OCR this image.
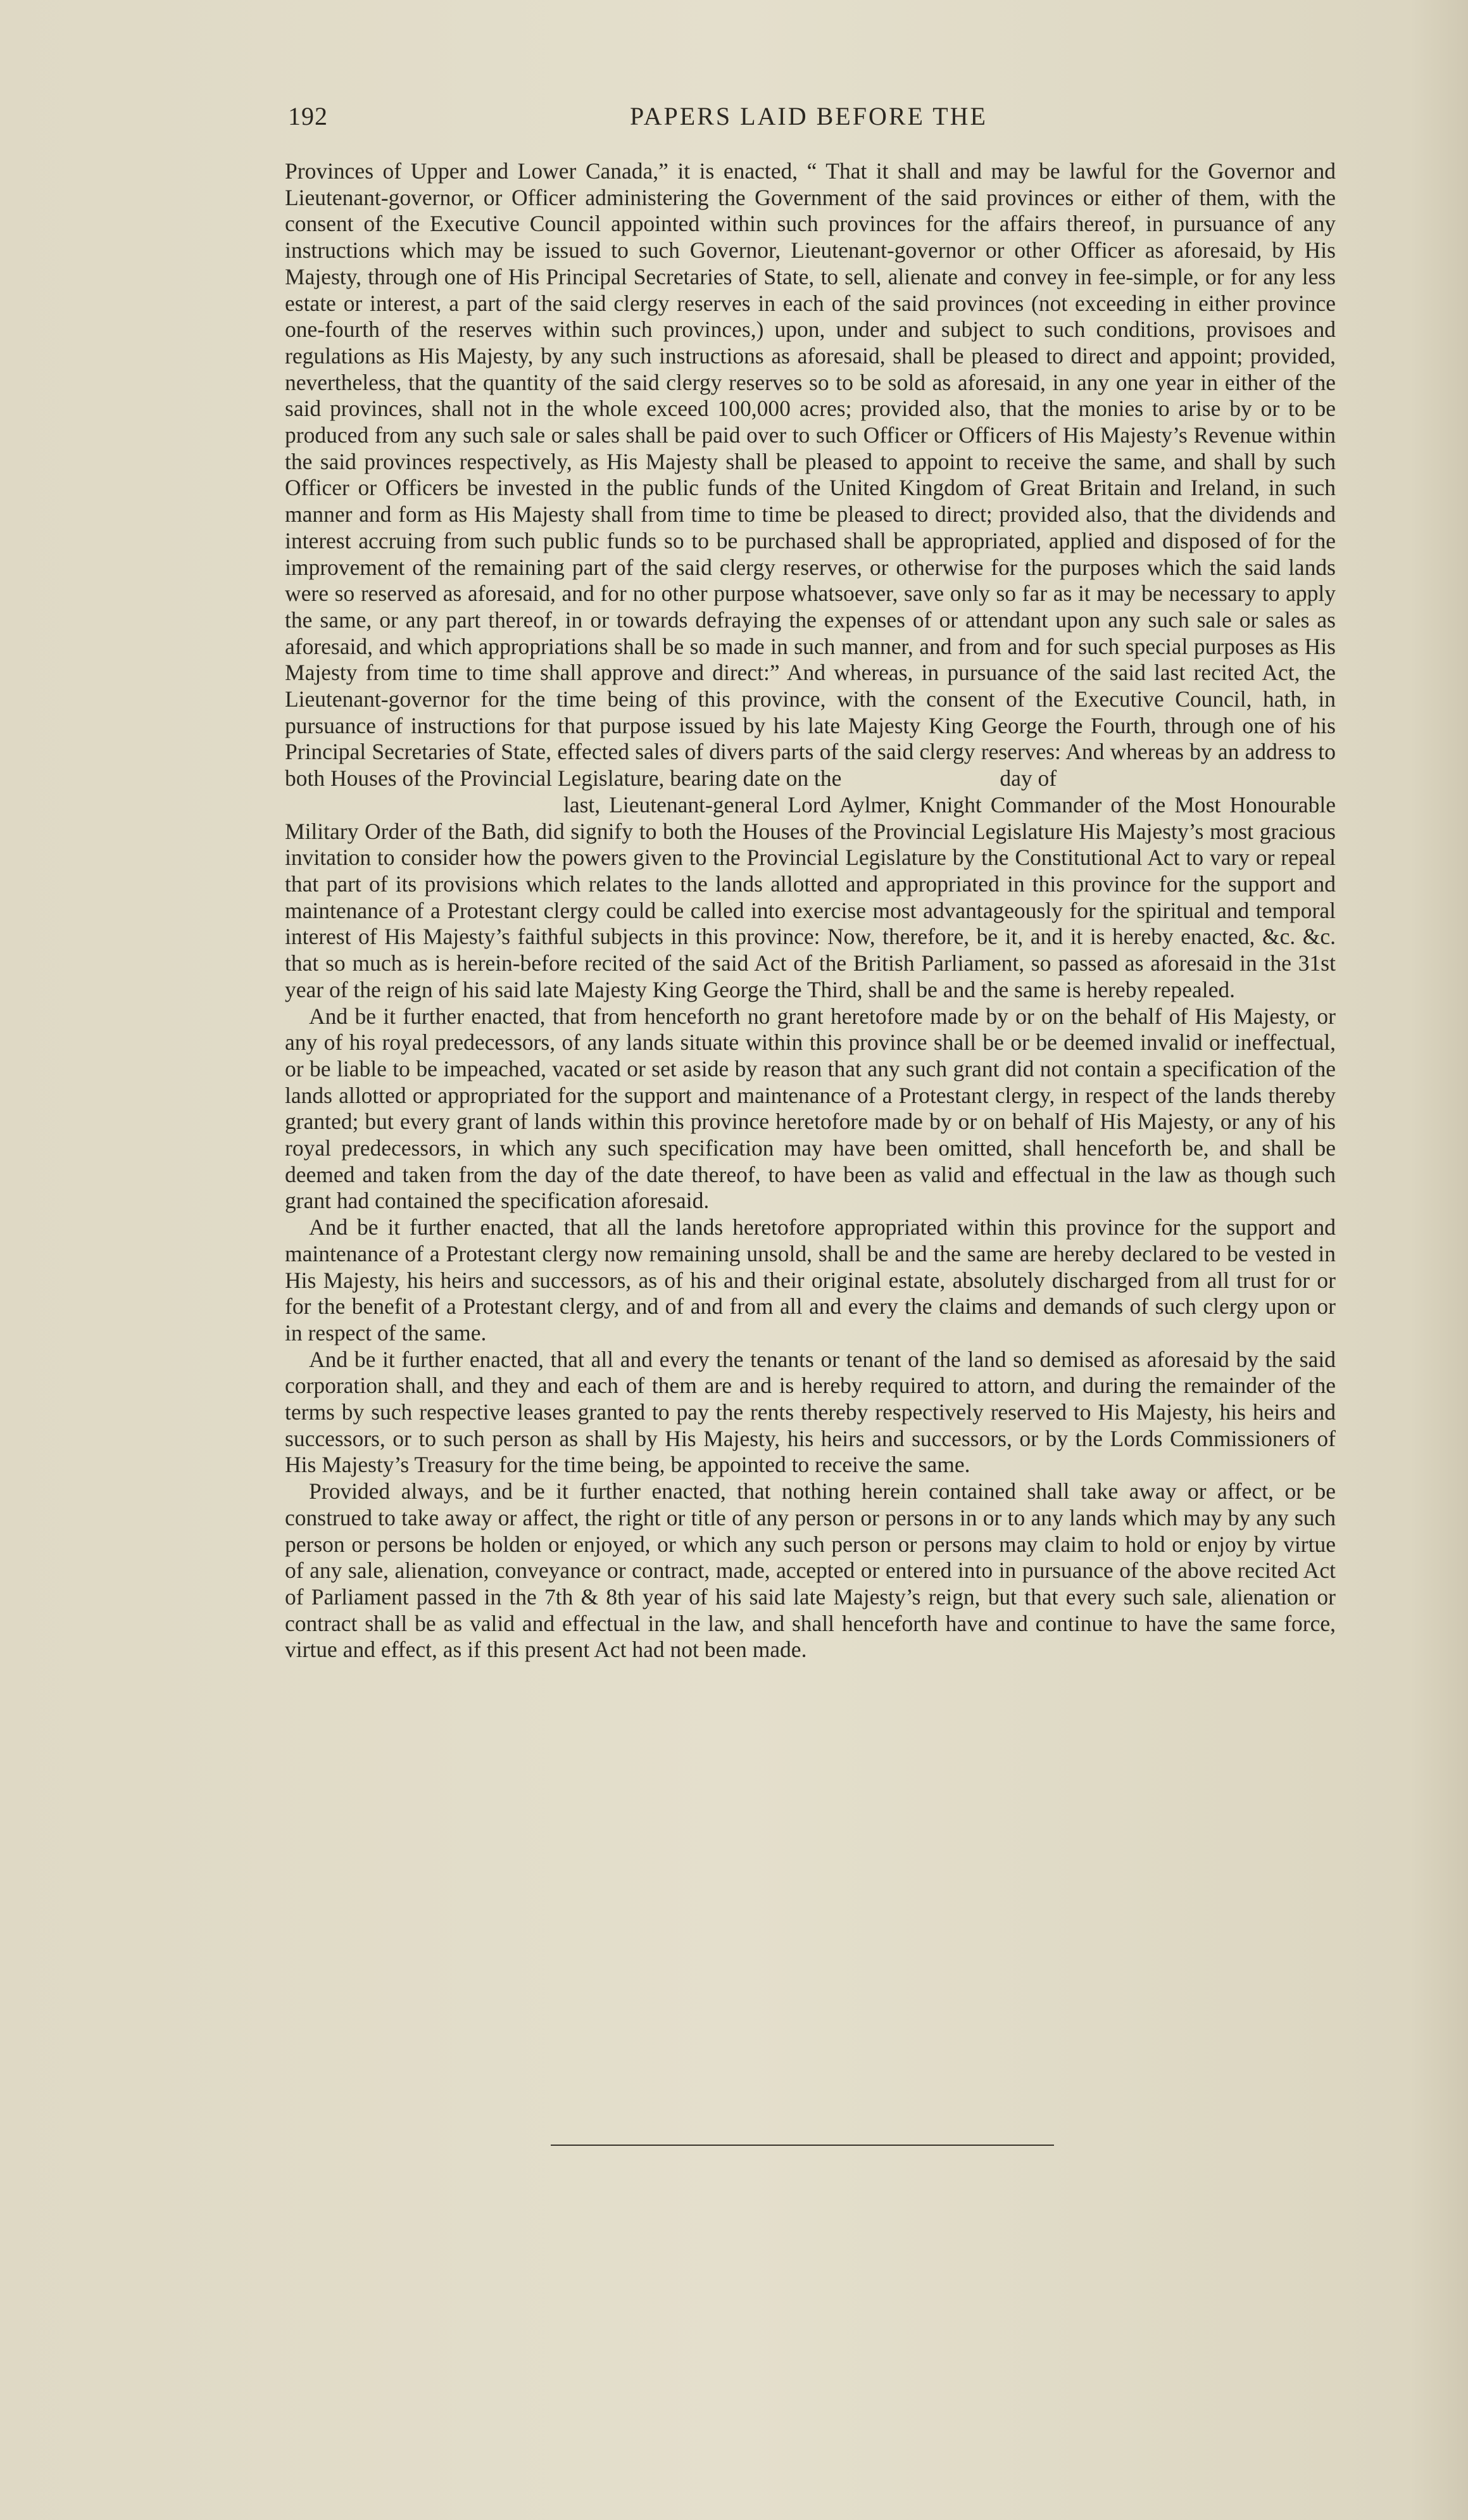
192	PAPERS LAID BEFORE THE

Provinces of Upper and Lower Canada,” it is enacted, “ That it shall and may be lawful for the Governor and Lieutenant-governor, or Officer administering the Government of the said provinces or either of them, with the consent of the Executive Council appointed within such provinces for the affairs thereof, in pursuance of any instructions which may be issued to such Governor, Lieutenant-governor or other Officer as aforesaid, by His Majesty, through one of His Principal Secretaries of State, to sell, alienate and convey in fee-simple, or for any less estate or interest, a part of the said clergy reserves in each of the said provinces (not exceeding in either province one-fourth of the reserves within such provinces,) upon, under and subject to such conditions, provisoes and regulations as His Majesty, by any such instructions as aforesaid, shall be pleased to direct and appoint; provided, nevertheless, that the quantity of the said clergy reserves so to be sold as aforesaid, in any one year in either of the said provinces, shall not in the whole exceed 100,000 acres; provided also, that the monies to arise by or to be produced from any such sale or sales shall be paid over to such Officer or Officers of His Majesty’s Revenue within the said provinces respectively, as His Majesty shall be pleased to appoint to receive the same, and shall by such Officer or Officers be invested in the public funds of the United Kingdom of Great Britain and Ireland, in such manner and form as His Majesty shall from time to time be pleased to direct; provided also, that the dividends and interest accruing from such public funds so to be purchased shall be appropriated, applied and disposed of for the improvement of the remaining part of the said clergy reserves, or otherwise for the purposes which the said lands were so reserved as aforesaid, and for no other purpose whatsoever, save only so far as it may be necessary to apply the same, or any part thereof, in or towards defraying the expenses of or attendant upon any such sale or sales as aforesaid, and which appropriations shall be so made in such manner, and from and for such special purposes as His Majesty from time to time shall approve and direct:” And whereas, in pursuance of the said last recited Act, the Lieutenant-governor for the time being of this province, with the consent of the Executive Council, hath, in pursuance of instructions for that purpose issued by his late Majesty King George the Fourth, through one of his Principal Secretaries of State, effected sales of divers parts of the said clergy reserves: And whereas by an address to both Houses of the Provincial Legislature, bearing date on the	day of
last, Lieutenant-general Lord Aylmer, Knight Commander of the Most Honourable Military Order of the Bath, did signify to both the Houses of the Provincial Legislature His Majesty’s most gracious invitation to consider how the powers given to the Provincial Legislature by the Constitutional Act to vary or repeal that part of its provisions which relates to the lands allotted and appropriated in this province for the support and maintenance of a Protestant clergy could be called into exercise most advantageously for the spiritual and temporal interest of His Majesty’s faithful subjects in this province: Now, therefore, be it, and it is hereby enacted, &c. &c. that so much as is herein-before recited of the said Act of the British Parliament, so passed as aforesaid in the 31st year of the reign of his said late Majesty King George the Third, shall be and the same is hereby repealed.

And be it further enacted, that from henceforth no grant heretofore made by or on the behalf of His Majesty, or any of his royal predecessors, of any lands situate within this province shall be or be deemed invalid or ineffectual, or be liable to be impeached, vacated or set aside by reason that any such grant did not contain a specification of the lands allotted or appropriated for the support and maintenance of a Protestant clergy, in respect of the lands thereby granted; but every grant of lands within this province heretofore made by or on behalf of His Majesty, or any of his royal predecessors, in which any such specification may have been omitted, shall henceforth be, and shall be deemed and taken from the day of the date thereof, to have been as valid and effectual in the law as though such grant had contained the specification aforesaid.

And be it further enacted, that all the lands heretofore appropriated within this province for the support and maintenance of a Protestant clergy now remaining unsold, shall be and the same are hereby declared to be vested in His Majesty, his heirs and successors, as of his and their original estate, absolutely discharged from all trust for or for the benefit of a Protestant clergy, and of and from all and every the claims and demands of such clergy upon or in respect of the same.

And be it further enacted, that all and every the tenants or tenant of the land so demised as aforesaid by the said corporation shall, and they and each of them are and is hereby required to attorn, and during the remainder of the terms by such respective leases granted to pay the rents thereby respectively reserved to His Majesty, his heirs and successors, or to such person as shall by His Majesty, his heirs and successors, or by the Lords Commissioners of His Majesty’s Treasury for the time being, be appointed to receive the same.

Provided always, and be it further enacted, that nothing herein contained shall take away or affect, or be construed to take away or affect, the right or title of any person or persons in or to any lands which may by any such person or persons be holden or enjoyed, or which any such person or persons may claim to hold or enjoy by virtue of any sale, alienation, conveyance or contract, made, accepted or entered into in pursuance of the above recited Act of Parliament passed in the 7th & 8th year of his said late Majesty’s reign, but that every such sale, alienation or contract shall be as valid and effectual in the law, and shall henceforth have and continue to have the same force, virtue and effect, as if this present Act had not been made.
